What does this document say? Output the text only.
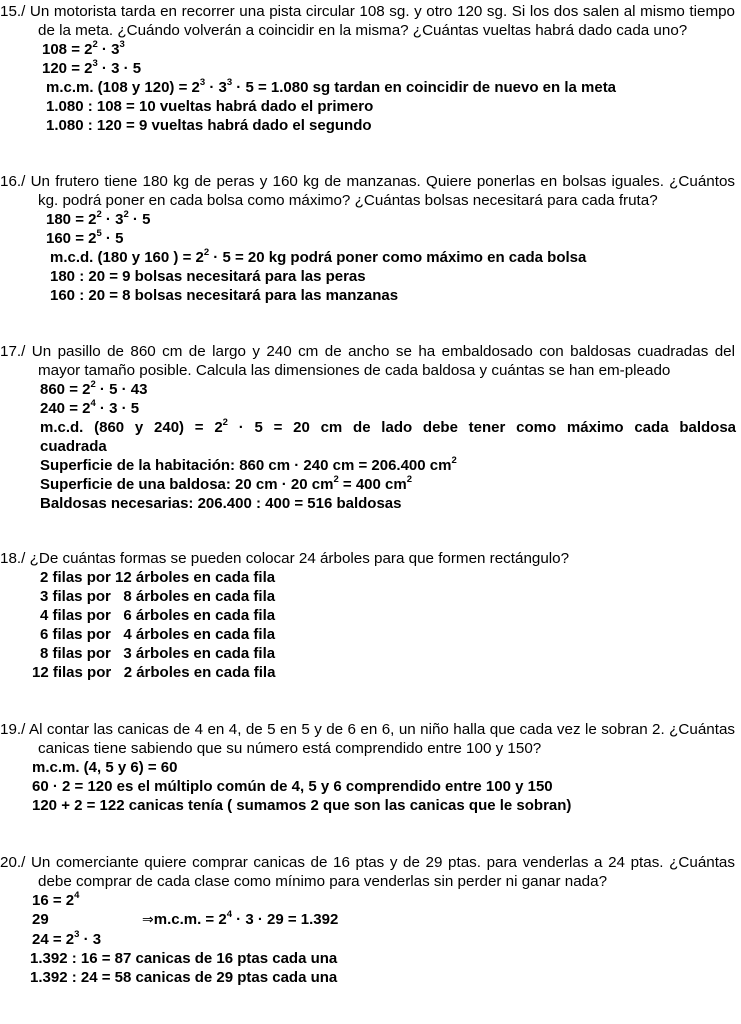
15./ Un motorista tarda en recorrer una pista circular 108 sg. y otro 120 sg. Si los dos salen al mismo tiempo de la meta. ¿Cuándo volverán a coincidir en la misma? ¿Cuántas vueltas habrá dado cada uno?

$108 = 2^2 \cdot 3^3$

$120 = 2^3 \cdot 3 \cdot 5$

m.c.m. (108 y $120) = 2^3 \cdot 3^3 \cdot 5 = 1.080$ sg tardan en coincidir de nuevo en la meta

1.080 : 108 = 10 vueltas habrá dado el primero

1.080 : 120 = 9 vueltas habrá dado el segundo

16./ Un frutero tiene 180 kg de peras y 160 kg de manzanas. Quiere ponerlas en bolsas iguales. ¿Cuántos kg. podrá poner en cada bolsa como máximo? ¿Cuántas bolsas necesitará para cada fruta?

$180 = 2^2 \cdot 3^2 \cdot 5$

$160 = 2^5 \cdot 5$

m.c.d. (180 y 160 ) = $2^2 \cdot 5 = 20$ kg podrá poner como máximo en cada bolsa

180 : 20 = 9 bolsas necesitará para las peras

160 : 20 = 8 bolsas necesitará para las manzanas

17./ Un pasillo de 860 cm de largo y 240 cm de ancho se ha embaldosado con baldosas cuadradas del mayor tamaño posible. Calcula las dimensiones de cada baldosa y cuántas se han em-pleado

$860 = 2^2 \cdot 5 \cdot 43$

$240 = 2^4 \cdot 3 \cdot 5$

m.c.d. (860 y $240) = 2^2 \cdot 5 = 20$ cm de lado debe tener como máximo cada baldosa cuadrada

Superficie de la habitación: 860 cm · 240 cm = 206.400 $cm^2$

Superficie de una baldosa: 20 cm · 20 $cm^2 = 400$ $cm^2$

Baldosas necesarias: 206.400 : 400 = 516 baldosas

18./ ¿De cuántas formas se pueden colocar 24 árboles para que formen rectángulo?

2 filas por 12 árboles en cada fila

3 filas por   8 árboles en cada fila

4 filas por   6 árboles en cada fila

6 filas por   4 árboles en cada fila

8 filas por   3 árboles en cada fila

12 filas por   2 árboles en cada fila

19./ Al contar las canicas de 4 en 4, de 5 en 5 y de 6 en 6, un niño halla que cada vez le sobran 2. ¿Cuántas canicas tiene sabiendo que su número está comprendido entre 100 y 150?

m.c.m. (4, 5 y 6) = 60

60 · 2 = 120 es el múltiplo común de 4, 5 y 6 comprendido entre 100 y 150

120 + 2 = 122 canicas tenía ( sumamos 2 que son las canicas que le sobran)

20./ Un comerciante quiere comprar canicas de 16 ptas y de 29 ptas. para venderlas a 24 ptas. ¿Cuántas debe comprar de cada clase como mínimo para venderlas sin perder ni ganar nada?

$16 = 2^4$

29	⇒m.c.m. = $2^4 \cdot 3 \cdot 29 = 1.392$

$24 = 2^3 \cdot 3$

1.392 : 16 = 87 canicas de 16 ptas cada una

1.392 : 24 = 58 canicas de 29 ptas cada una
